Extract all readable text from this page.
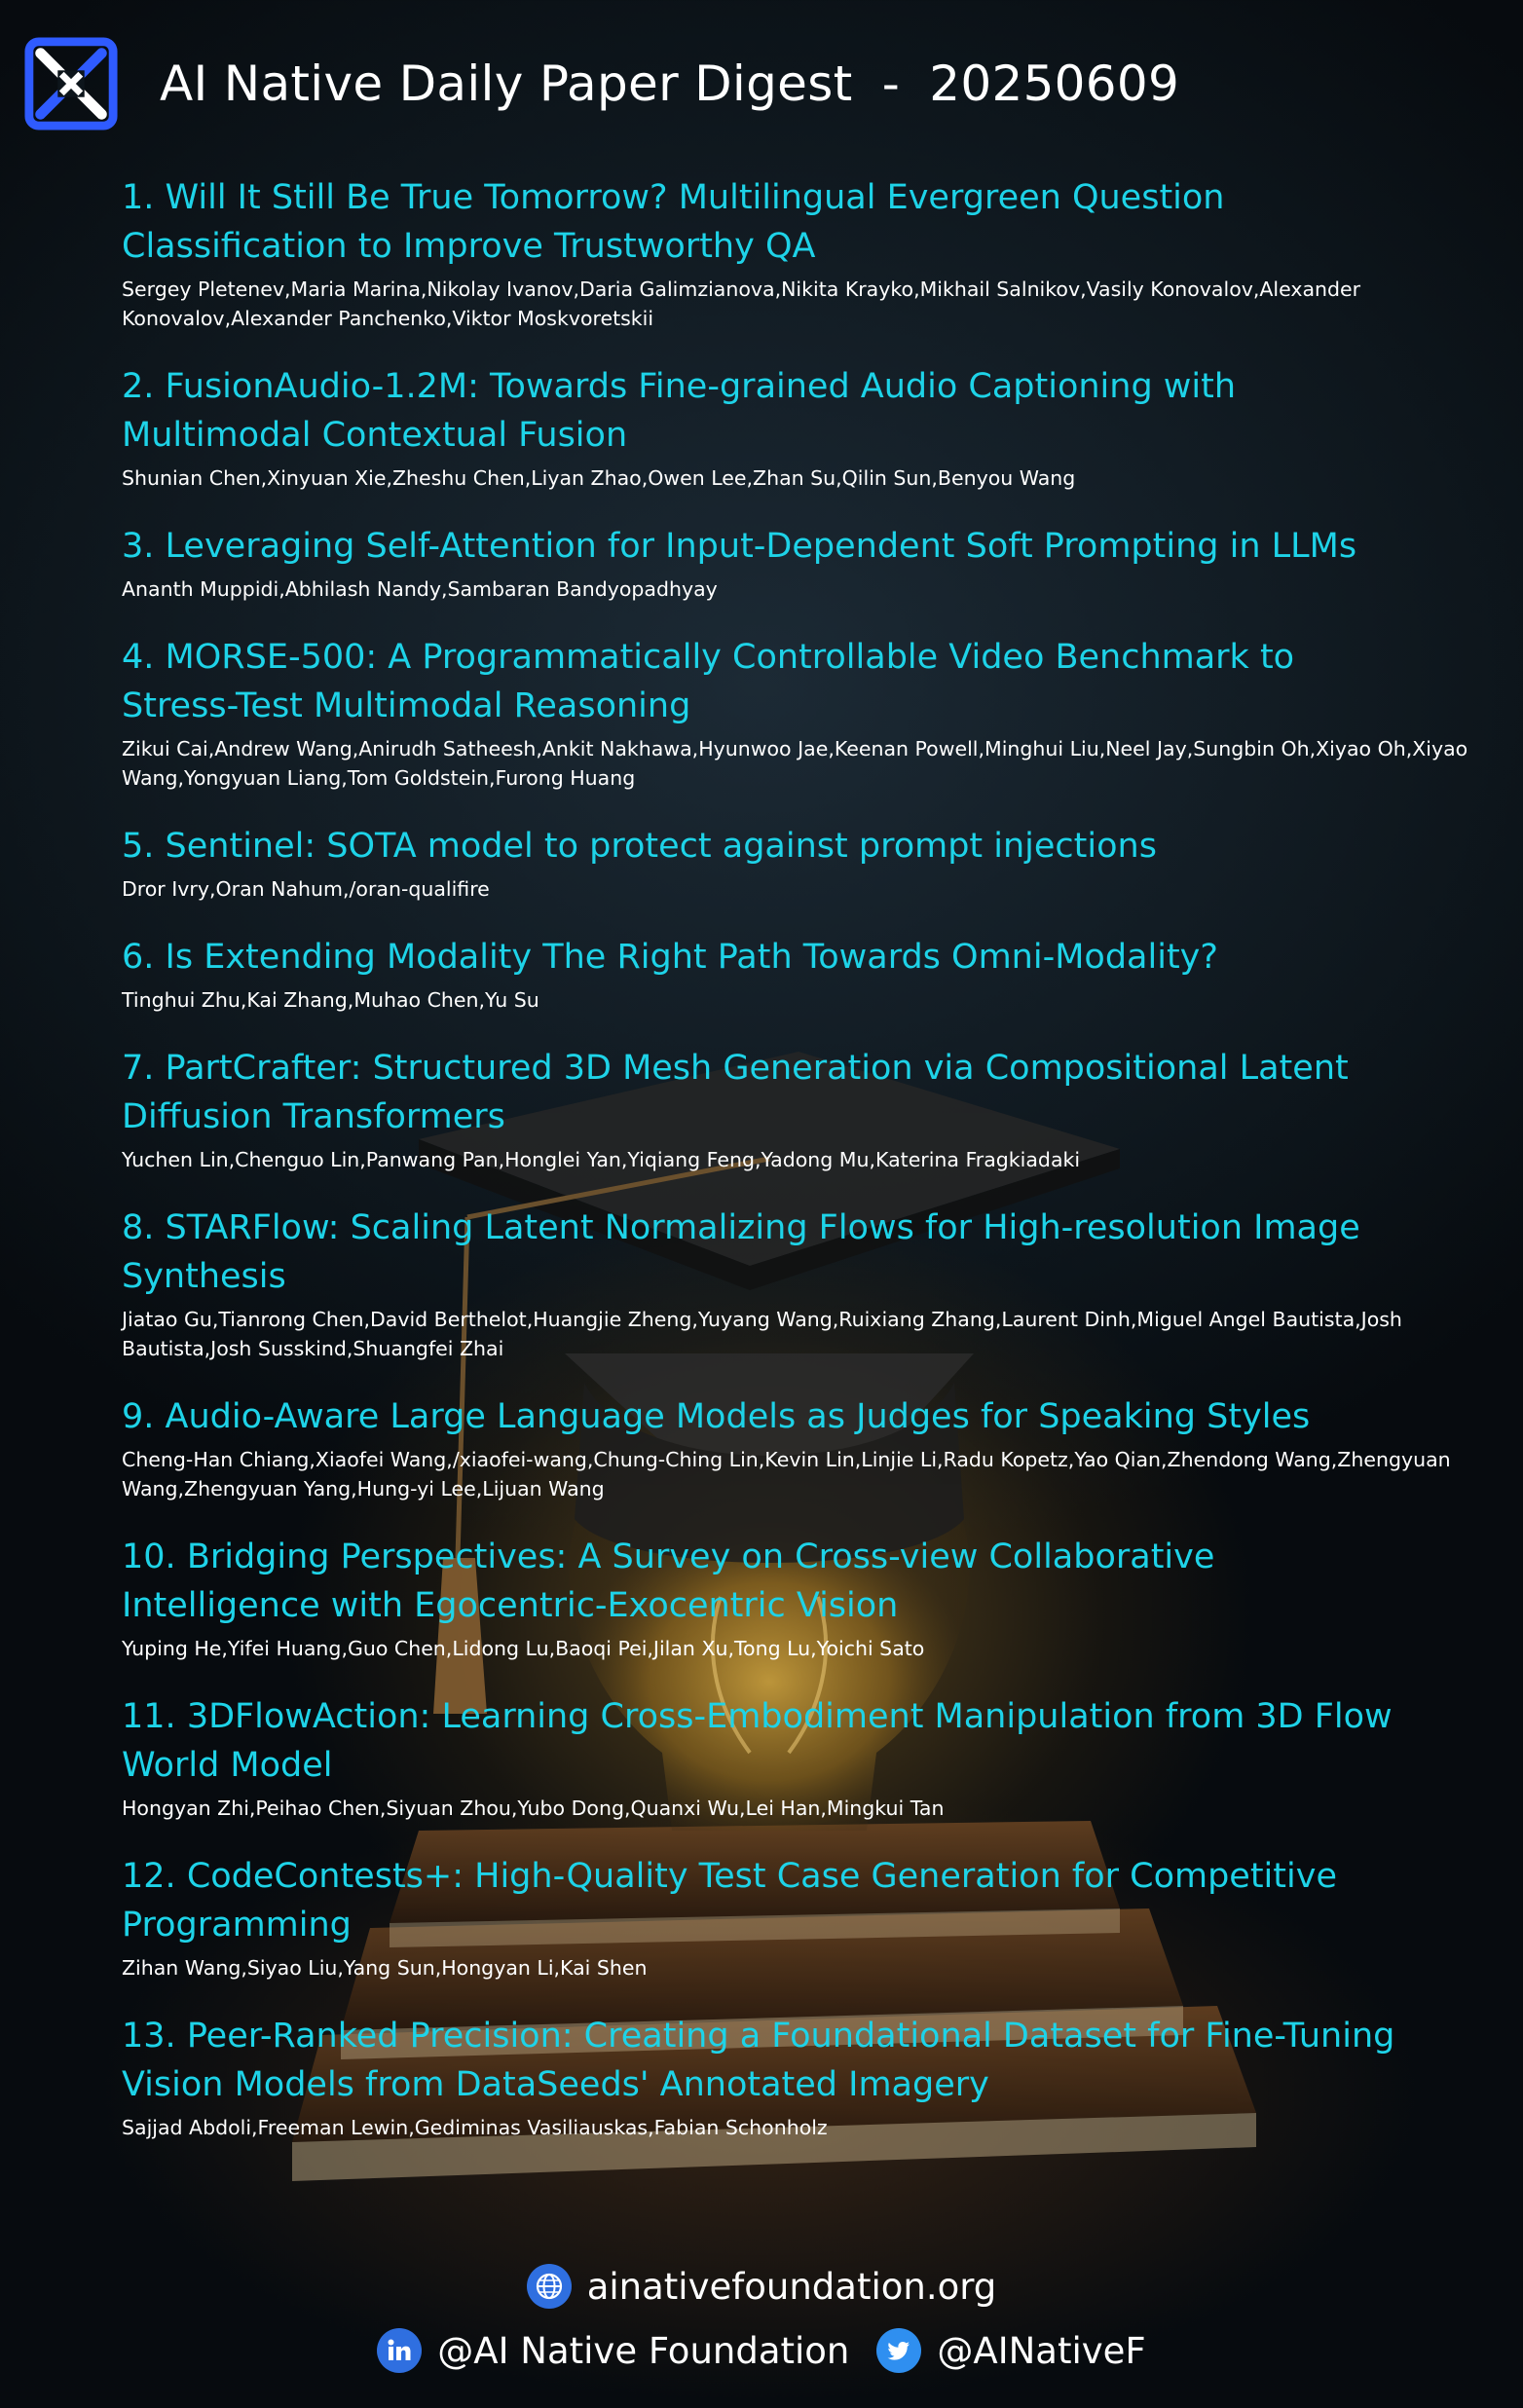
AI Native Daily Paper Digest - 20250609
1. Will It Still Be True Tomorrow? Multilingual Evergreen Question Classification to Improve Trustworthy QA
Sergey Pletenev,Maria Marina,Nikolay Ivanov,Daria Galimzianova,Nikita Krayko,Mikhail Salnikov,Vasily Konovalov,Alexander Konovalov,Alexander Panchenko,Viktor Moskvoretskii
2. FusionAudio-1.2M: Towards Fine-grained Audio Captioning with Multimodal Contextual Fusion
Shunian Chen,Xinyuan Xie,Zheshu Chen,Liyan Zhao,Owen Lee,Zhan Su,Qilin Sun,Benyou Wang
3. Leveraging Self-Attention for Input-Dependent Soft Prompting in LLMs
Ananth Muppidi,Abhilash Nandy,Sambaran Bandyopadhyay
4. MORSE-500: A Programmatically Controllable Video Benchmark to Stress-Test Multimodal Reasoning
Zikui Cai,Andrew Wang,Anirudh Satheesh,Ankit Nakhawa,Hyunwoo Jae,Keenan Powell,Minghui Liu,Neel Jay,Sungbin Oh,Xiyao Oh,Xiyao Wang,Yongyuan Liang,Tom Goldstein,Furong Huang
5. Sentinel: SOTA model to protect against prompt injections
Dror Ivry,Oran Nahum,/oran-qualifire
6. Is Extending Modality The Right Path Towards Omni-Modality?
Tinghui Zhu,Kai Zhang,Muhao Chen,Yu Su
7. PartCrafter: Structured 3D Mesh Generation via Compositional Latent Diffusion Transformers
Yuchen Lin,Chenguo Lin,Panwang Pan,Honglei Yan,Yiqiang Feng,Yadong Mu,Katerina Fragkiadaki
8. STARFlow: Scaling Latent Normalizing Flows for High-resolution Image Synthesis
Jiatao Gu,Tianrong Chen,David Berthelot,Huangjie Zheng,Yuyang Wang,Ruixiang Zhang,Laurent Dinh,Miguel Angel Bautista,Josh Bautista,Josh Susskind,Shuangfei Zhai
9. Audio-Aware Large Language Models as Judges for Speaking Styles
Cheng-Han Chiang,Xiaofei Wang,/xiaofei-wang,Chung-Ching Lin,Kevin Lin,Linjie Li,Radu Kopetz,Yao Qian,Zhendong Wang,Zhengyuan Wang,Zhengyuan Yang,Hung-yi Lee,Lijuan Wang
10. Bridging Perspectives: A Survey on Cross-view Collaborative Intelligence with Egocentric-Exocentric Vision
Yuping He,Yifei Huang,Guo Chen,Lidong Lu,Baoqi Pei,Jilan Xu,Tong Lu,Yoichi Sato
11. 3DFlowAction: Learning Cross-Embodiment Manipulation from 3D Flow World Model
Hongyan Zhi,Peihao Chen,Siyuan Zhou,Yubo Dong,Quanxi Wu,Lei Han,Mingkui Tan
12. CodeContests+: High-Quality Test Case Generation for Competitive Programming
Zihan Wang,Siyao Liu,Yang Sun,Hongyan Li,Kai Shen
13. Peer-Ranked Precision: Creating a Foundational Dataset for Fine-Tuning Vision Models from DataSeeds' Annotated Imagery
Sajjad Abdoli,Freeman Lewin,Gediminas Vasiliauskas,Fabian Schonholz
ainativefoundation.org
@AI Native Foundation @AINativeF
